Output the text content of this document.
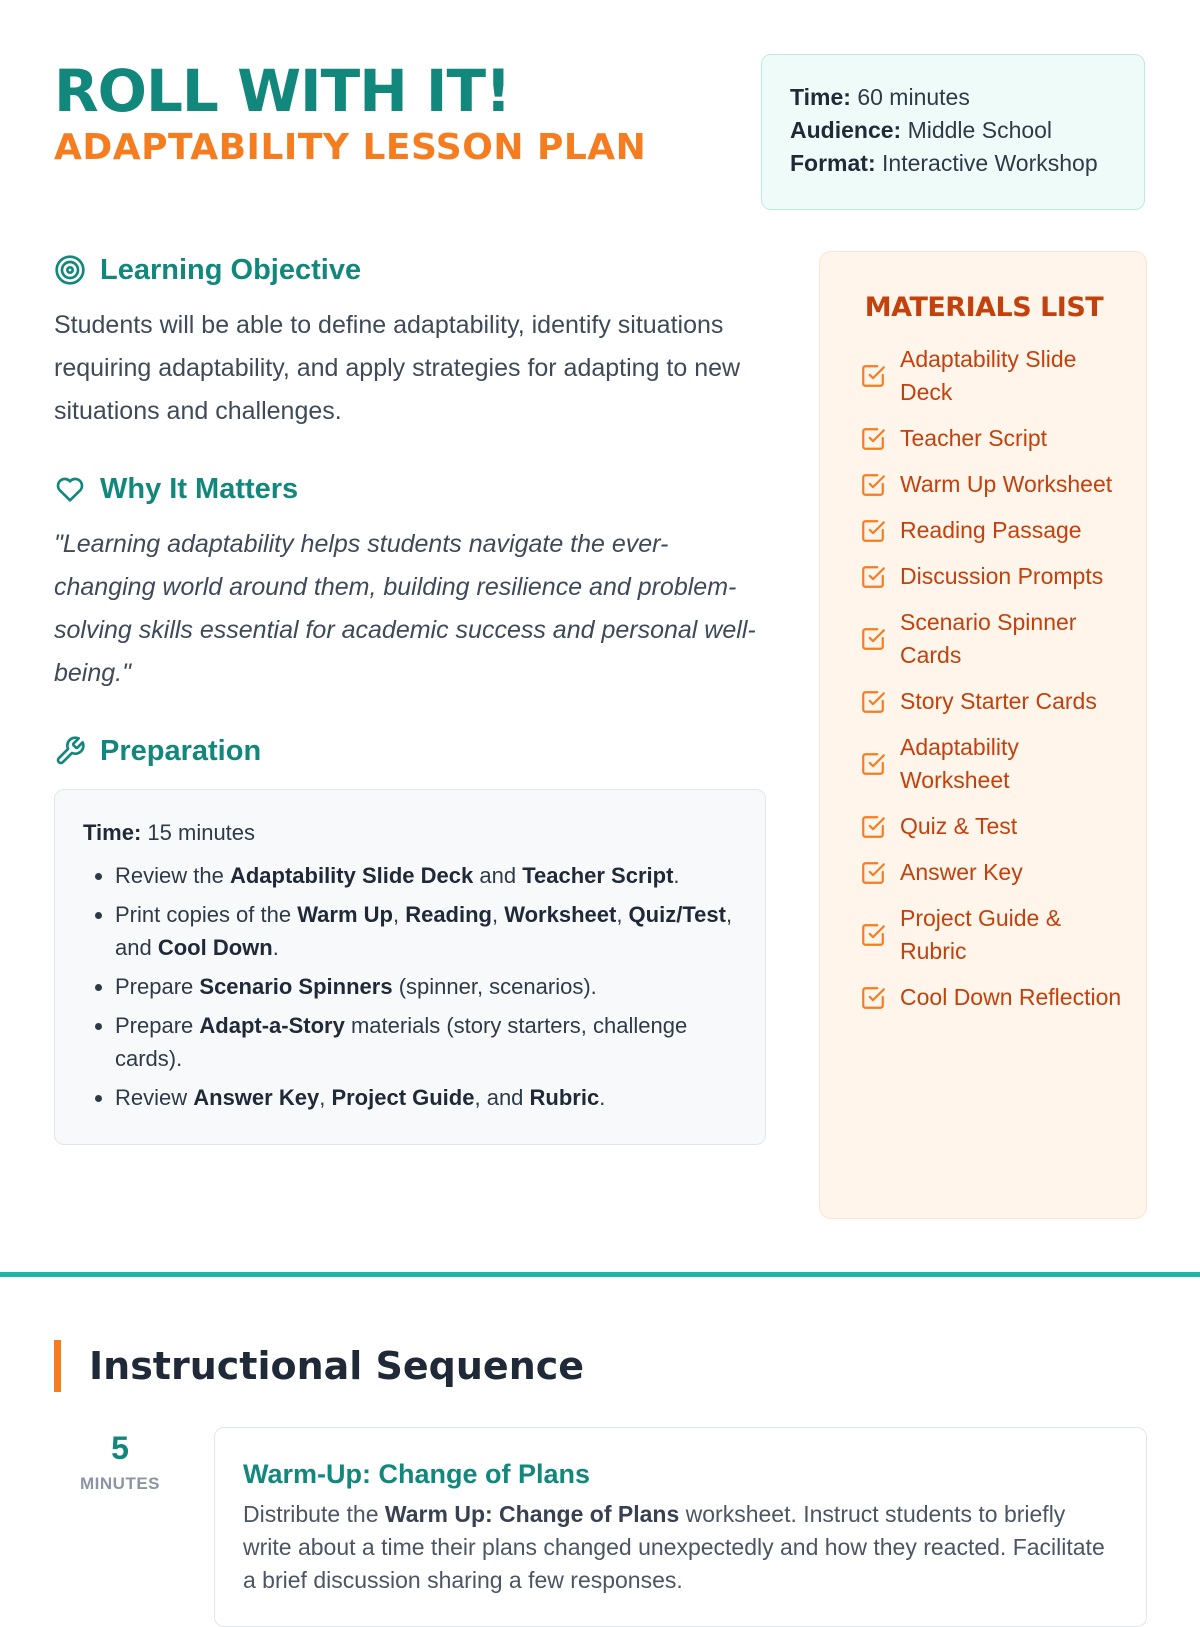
ROLL WITH IT!
ADAPTABILITY LESSON PLAN
Time: 60 minutes
Audience: Middle School
Format: Interactive Workshop
Learning Objective

Students will be able to define adaptability, identify situations requiring adaptability, and apply strategies for adapting to new situations and challenges.

Why It Matters

"Learning adaptability helps students navigate the ever-changing world around them, building resilience and problem-solving skills essential for academic success and personal well-being."

Preparation
Time: 15 minutes
• Review the Adaptability Slide Deck and Teacher Script.
• Print copies of the Warm Up, Reading, Worksheet, Quiz/Test, and Cool Down.
• Prepare Scenario Spinners (spinner, scenarios).
• Prepare Adapt-a-Story materials (story starters, challenge cards).
• Review Answer Key, Project Guide, and Rubric.
MATERIALS LIST
Adaptability Slide Deck
Teacher Script
Warm Up Worksheet
Reading Passage
Discussion Prompts
Scenario Spinner Cards
Story Starter Cards
Adaptability Worksheet
Quiz & Test
Answer Key
Project Guide & Rubric
Cool Down Reflection
Instructional Sequence
5
MINUTES	Warm-Up: Change of Plans
Distribute the Warm Up: Change of Plans worksheet. Instruct students to briefly write about a time their plans changed unexpectedly and how they reacted. Facilitate a brief discussion sharing a few responses.
